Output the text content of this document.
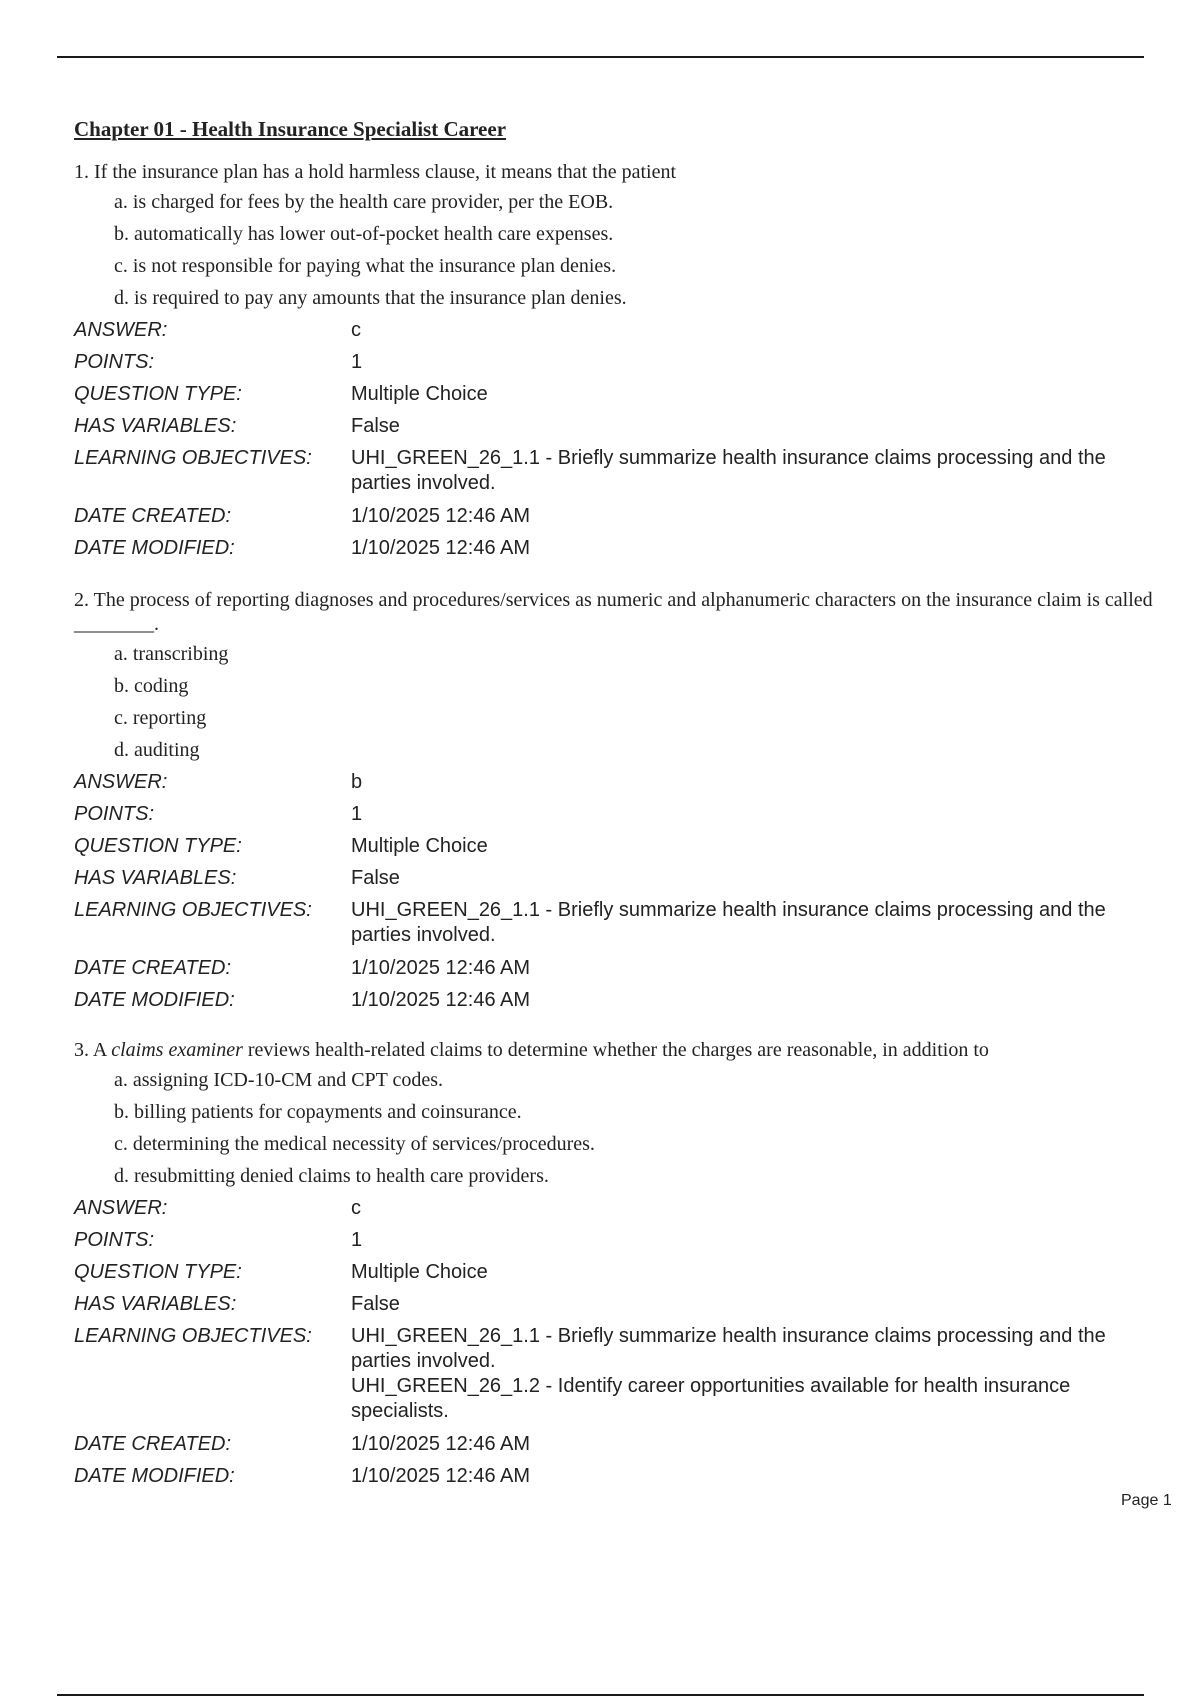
Chapter 01 - Health Insurance Specialist Career

1. If the insurance plan has a hold harmless clause, it means that the patient

a. is charged for fees by the health care provider, per the EOB.
b. automatically has lower out-of-pocket health care expenses.
c. is not responsible for paying what the insurance plan denies.
d. is required to pay any amounts that the insurance plan denies.
ANSWER:	c
POINTS:	1
QUESTION TYPE:	Multiple Choice
HAS VARIABLES:	False
LEARNING OBJECTIVES:	UHI_GREEN_26_1.1 - Briefly summarize health insurance claims processing and the parties involved.
DATE CREATED:	1/10/2025 12:46 AM
DATE MODIFIED:	1/10/2025 12:46 AM

2. The process of reporting diagnoses and procedures/services as numeric and alphanumeric characters on the insurance claim is called ________.

a. transcribing
b. coding
c. reporting
d. auditing
ANSWER:	b
POINTS:	1
QUESTION TYPE:	Multiple Choice
HAS VARIABLES:	False
LEARNING OBJECTIVES:	UHI_GREEN_26_1.1 - Briefly summarize health insurance claims processing and the parties involved.
DATE CREATED:	1/10/2025 12:46 AM
DATE MODIFIED:	1/10/2025 12:46 AM

3. A claims examiner reviews health-related claims to determine whether the charges are reasonable, in addition to

a. assigning ICD-10-CM and CPT codes.
b. billing patients for copayments and coinsurance.
c. determining the medical necessity of services/procedures.
d. resubmitting denied claims to health care providers.
ANSWER:	c
POINTS:	1
QUESTION TYPE:	Multiple Choice
HAS VARIABLES:	False
LEARNING OBJECTIVES:	UHI_GREEN_26_1.1 - Briefly summarize health insurance claims processing and the parties involved.
UHI_GREEN_26_1.2 - Identify career opportunities available for health insurance specialists.
DATE CREATED:	1/10/2025 12:46 AM
DATE MODIFIED:	1/10/2025 12:46 AM
Page 1
